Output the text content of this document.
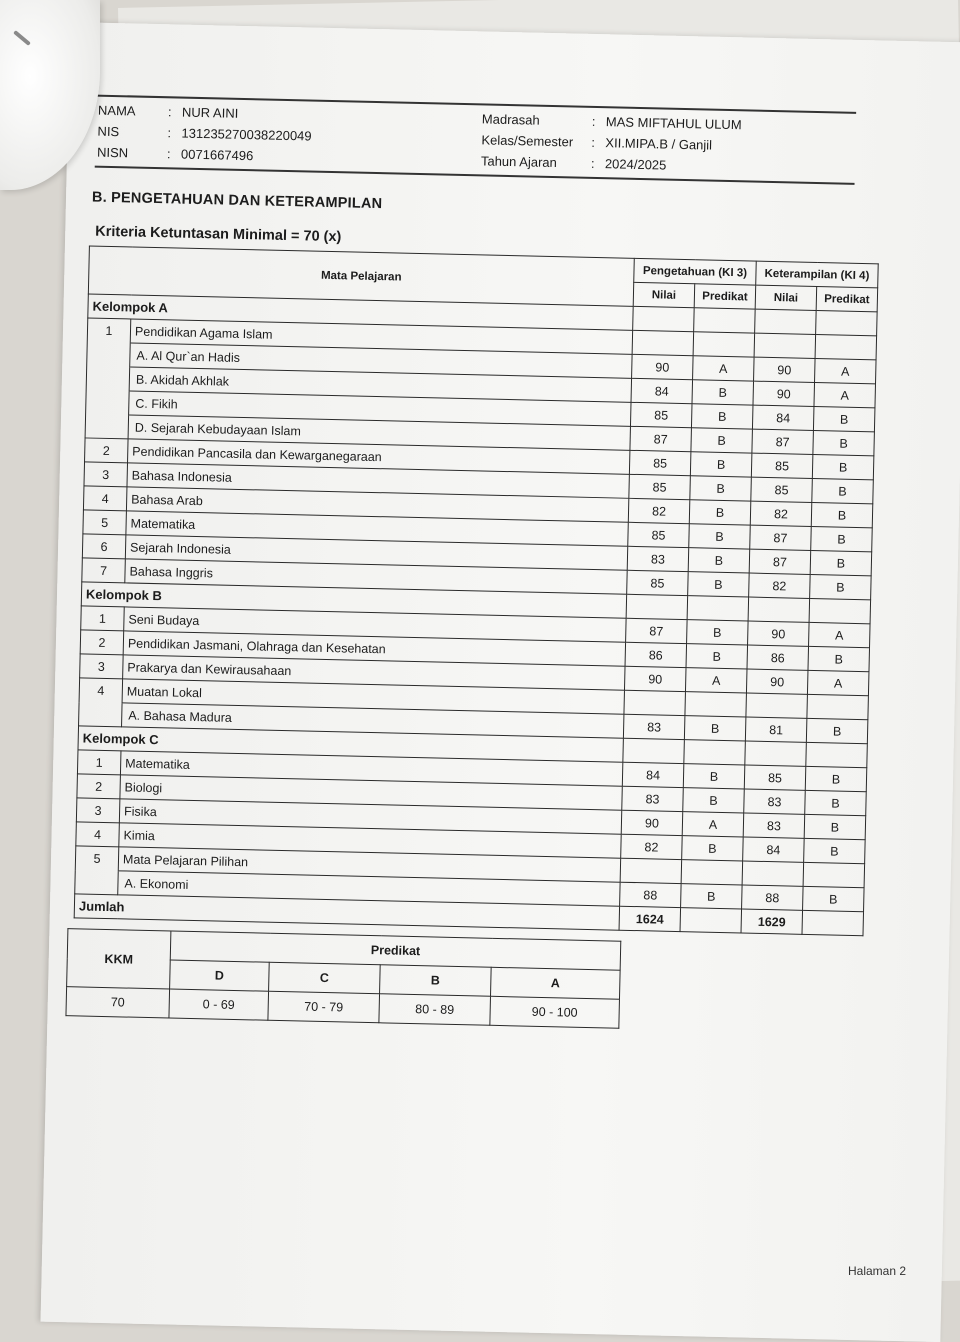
NAMA	: NUR AINI	Madrasah	: MAS MIFTAHUL ULUM
NIS	: 131235270038220049	Kelas/Semester	: XII.MIPA.B / Ganjil
NISN	: 0071667496	Tahun Ajaran	: 2024/2025
B. PENGETAHUAN DAN KETERAMPILAN
Kriteria Ketuntasan Minimal = 70 (x)
Mata Pelajaran		Pengetahuan (KI 3)		Keterampilan (KI 4)	
		Nilai	Predikat	Nilai	Predikat
Kelompok A					
1	Pendidikan Agama Islam				
	A. Al Qur`an Hadis	90	A	90	A
	B. Akidah Akhlak	84	B	90	A
	C. Fikih	85	B	84	B
	D. Sejarah Kebudayaan Islam	87	B	87	B
2	Pendidikan Pancasila dan Kewarganegaraan	85	B	85	B
3	Bahasa Indonesia	85	B	85	B
4	Bahasa Arab	82	B	82	B
5	Matematika	85	B	87	B
6	Sejarah Indonesia	83	B	87	B
7	Bahasa Inggris	85	B	82	B
Kelompok B					
1	Seni Budaya	87	B	90	A
2	Pendidikan Jasmani, Olahraga dan Kesehatan	86	B	86	B
3	Prakarya dan Kewirausahaan	90	A	90	A
4	Muatan Lokal				
	A. Bahasa Madura	83	B	81	B
Kelompok C					
1	Matematika	84	B	85	B
2	Biologi	83	B	83	B
3	Fisika	90	A	83	B
4	Kimia	82	B	84	B
5	Mata Pelajaran Pilihan				
	A. Ekonomi	88	B	88	B
Jumlah		1624		1629	
KKM	Predikat			
	D	C	B	A
70	0 - 69	70 - 79	80 - 89	90 - 100
Halaman 2
